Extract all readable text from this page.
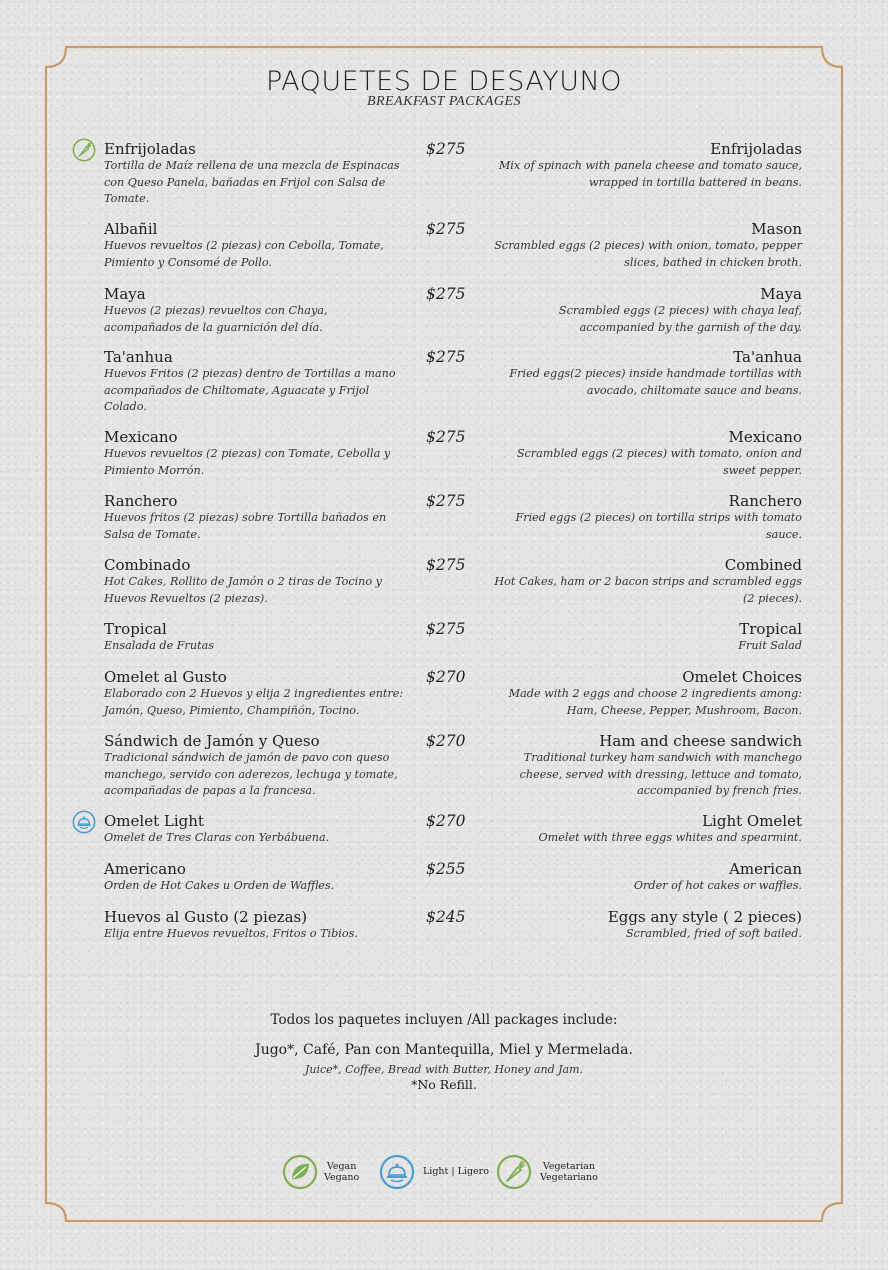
PAQUETES DE DESAYUNO
BREAKFAST PACKAGES
Enfrijoladas
Tortilla de Maíz rellena de una mezcla de Espinacas con Queso Panela, bañadas en Frijol con Salsa de Tomate.
$275	Enfrijoladas
Mix of spinach with panela cheese and tomato sauce, wrapped in tortilla battered in beans.
Albañil
Huevos revueltos (2 piezas) con Cebolla, Tomate, Pimiento y Consomé de Pollo.
$275	Mason
Scrambled eggs (2 pieces) with onion, tomato, pepper slices, bathed in chicken broth.
Maya
Huevos (2 piezas) revueltos con Chaya, acompañados de la guarnición del día.
$275	Maya
Scrambled eggs (2 pieces) with chaya leaf, accompanied by the garnish of the day.
Ta'anhua
Huevos Fritos (2 piezas) dentro de Tortillas a mano acompañados de Chiltomate, Aguacate y Frijol Colado.
$275	Ta'anhua
Fried eggs(2 pieces) inside handmade tortillas with avocado, chiltomate sauce and beans.
Mexicano
Huevos revueltos (2 piezas) con Tomate, Cebolla y Pimiento Morrón.
$275	Mexicano
Scrambled eggs (2 pieces) with tomato, onion and sweet pepper.
Ranchero
Huevos fritos (2 piezas) sobre Tortilla bañados en Salsa de Tomate.
$275	Ranchero
Fried eggs (2 pieces) on tortilla strips with tomato sauce.
Combinado
Hot Cakes, Rollito de Jamón o 2 tiras de Tocino y Huevos Revueltos (2 piezas).
$275	Combined
Hot Cakes, ham or 2 bacon strips and scrambled eggs (2 pieces).
Tropical
Ensalada de Frutas
$275	Tropical
Fruit Salad
Omelet al Gusto
Elaborado con 2 Huevos y elija 2 ingredientes entre: Jamón, Queso, Pimiento, Champiñón, Tocino.
$270	Omelet Choices
Made with 2 eggs and choose 2 ingredients among: Ham, Cheese, Pepper, Mushroom, Bacon.
Sándwich de Jamón y Queso
Tradicional sándwich de jamón de pavo con queso manchego, servido con aderezos, lechuga y tomate, acompañadas de papas a la francesa.
$270	Ham and cheese sandwich
Traditional turkey ham sandwich with manchego cheese, served with dressing, lettuce and tomato, accompanied by french fries.
Omelet Light
Omelet de Tres Claras con Yerbábuena.
$270	Light Omelet
Omelet with three eggs whites and spearmint.
Americano
Orden de Hot Cakes u Orden de Waffles.
$255	American
Order of hot cakes or waffles.
Huevos al Gusto (2 piezas)
Elija entre Huevos revueltos, Fritos o Tibios.
$245	Eggs any style ( 2 pieces)
Scrambled, fried of soft bailed.
Todos los paquetes incluyen /All packages include:
Jugo*, Café, Pan con Mantequilla, Miel y Mermelada.
Juice*, Coffee, Bread with Butter, Honey and Jam.
*No Refill.
Vegan
Vegano	Light | Ligero	Vegetarian
Vegetariano
